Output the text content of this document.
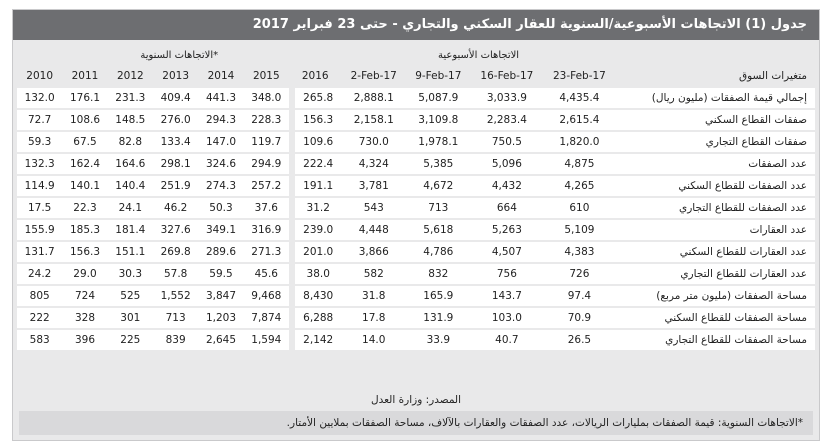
جدول (1) الاتجاهات الأسبوعية/السنوية للعقار السكني والتجاري - حتى 23 فبراير 2017
الاتجاهات السنوية*							الاتجاهات الأسبوعية				
2010	2011	2012	2013	2014	2015	2016	2-Feb-17	9-Feb-17	16-Feb-17	23-Feb-17	متغيرات السوق
132.0	176.1	231.3	409.4	441.3	348.0	265.8	2,888.1	5,087.9	3,033.9	4,435.4	إجمالي قيمة الصفقات (مليون ريال)
72.7	108.6	148.5	276.0	294.3	228.3	156.3	2,158.1	3,109.8	2,283.4	2,615.4	صفقات القطاع السكني
59.3	67.5	82.8	133.4	147.0	119.7	109.6	730.0	1,978.1	750.5	1,820.0	صفقات القطاع التجاري
132.3	162.4	164.6	298.1	324.6	294.9	222.4	4,324	5,385	5,096	4,875	عدد الصفقات
114.9	140.1	140.4	251.9	274.3	257.2	191.1	3,781	4,672	4,432	4,265	عدد الصفقات للقطاع السكني
17.5	22.3	24.1	46.2	50.3	37.6	31.2	543	713	664	610	عدد الصفقات للقطاع التجاري
155.9	185.3	181.4	327.6	349.1	316.9	239.0	4,448	5,618	5,263	5,109	عدد العقارات
131.7	156.3	151.1	269.8	289.6	271.3	201.0	3,866	4,786	4,507	4,383	عدد العقارات للقطاع السكني
24.2	29.0	30.3	57.8	59.5	45.6	38.0	582	832	756	726	عدد العقارات للقطاع التجاري
805	724	525	1,552	3,847	9,468	8,430	31.8	165.9	143.7	97.4	مساحة الصفقات (مليون متر مربع)
222	328	301	713	1,203	7,874	6,288	17.8	131.9	103.0	70.9	مساحة الصفقات للقطاع السكني
583	396	225	839	2,645	1,594	2,142	14.0	33.9	40.7	26.5	مساحة الصفقات للقطاع التجاري
المصدر: وزارة العدل
*الاتجاهات السنوية: قيمة الصفقات بمليارات الريالات، عدد الصفقات والعقارات بالآلاف، مساحة الصفقات بملايين الأمتار.
